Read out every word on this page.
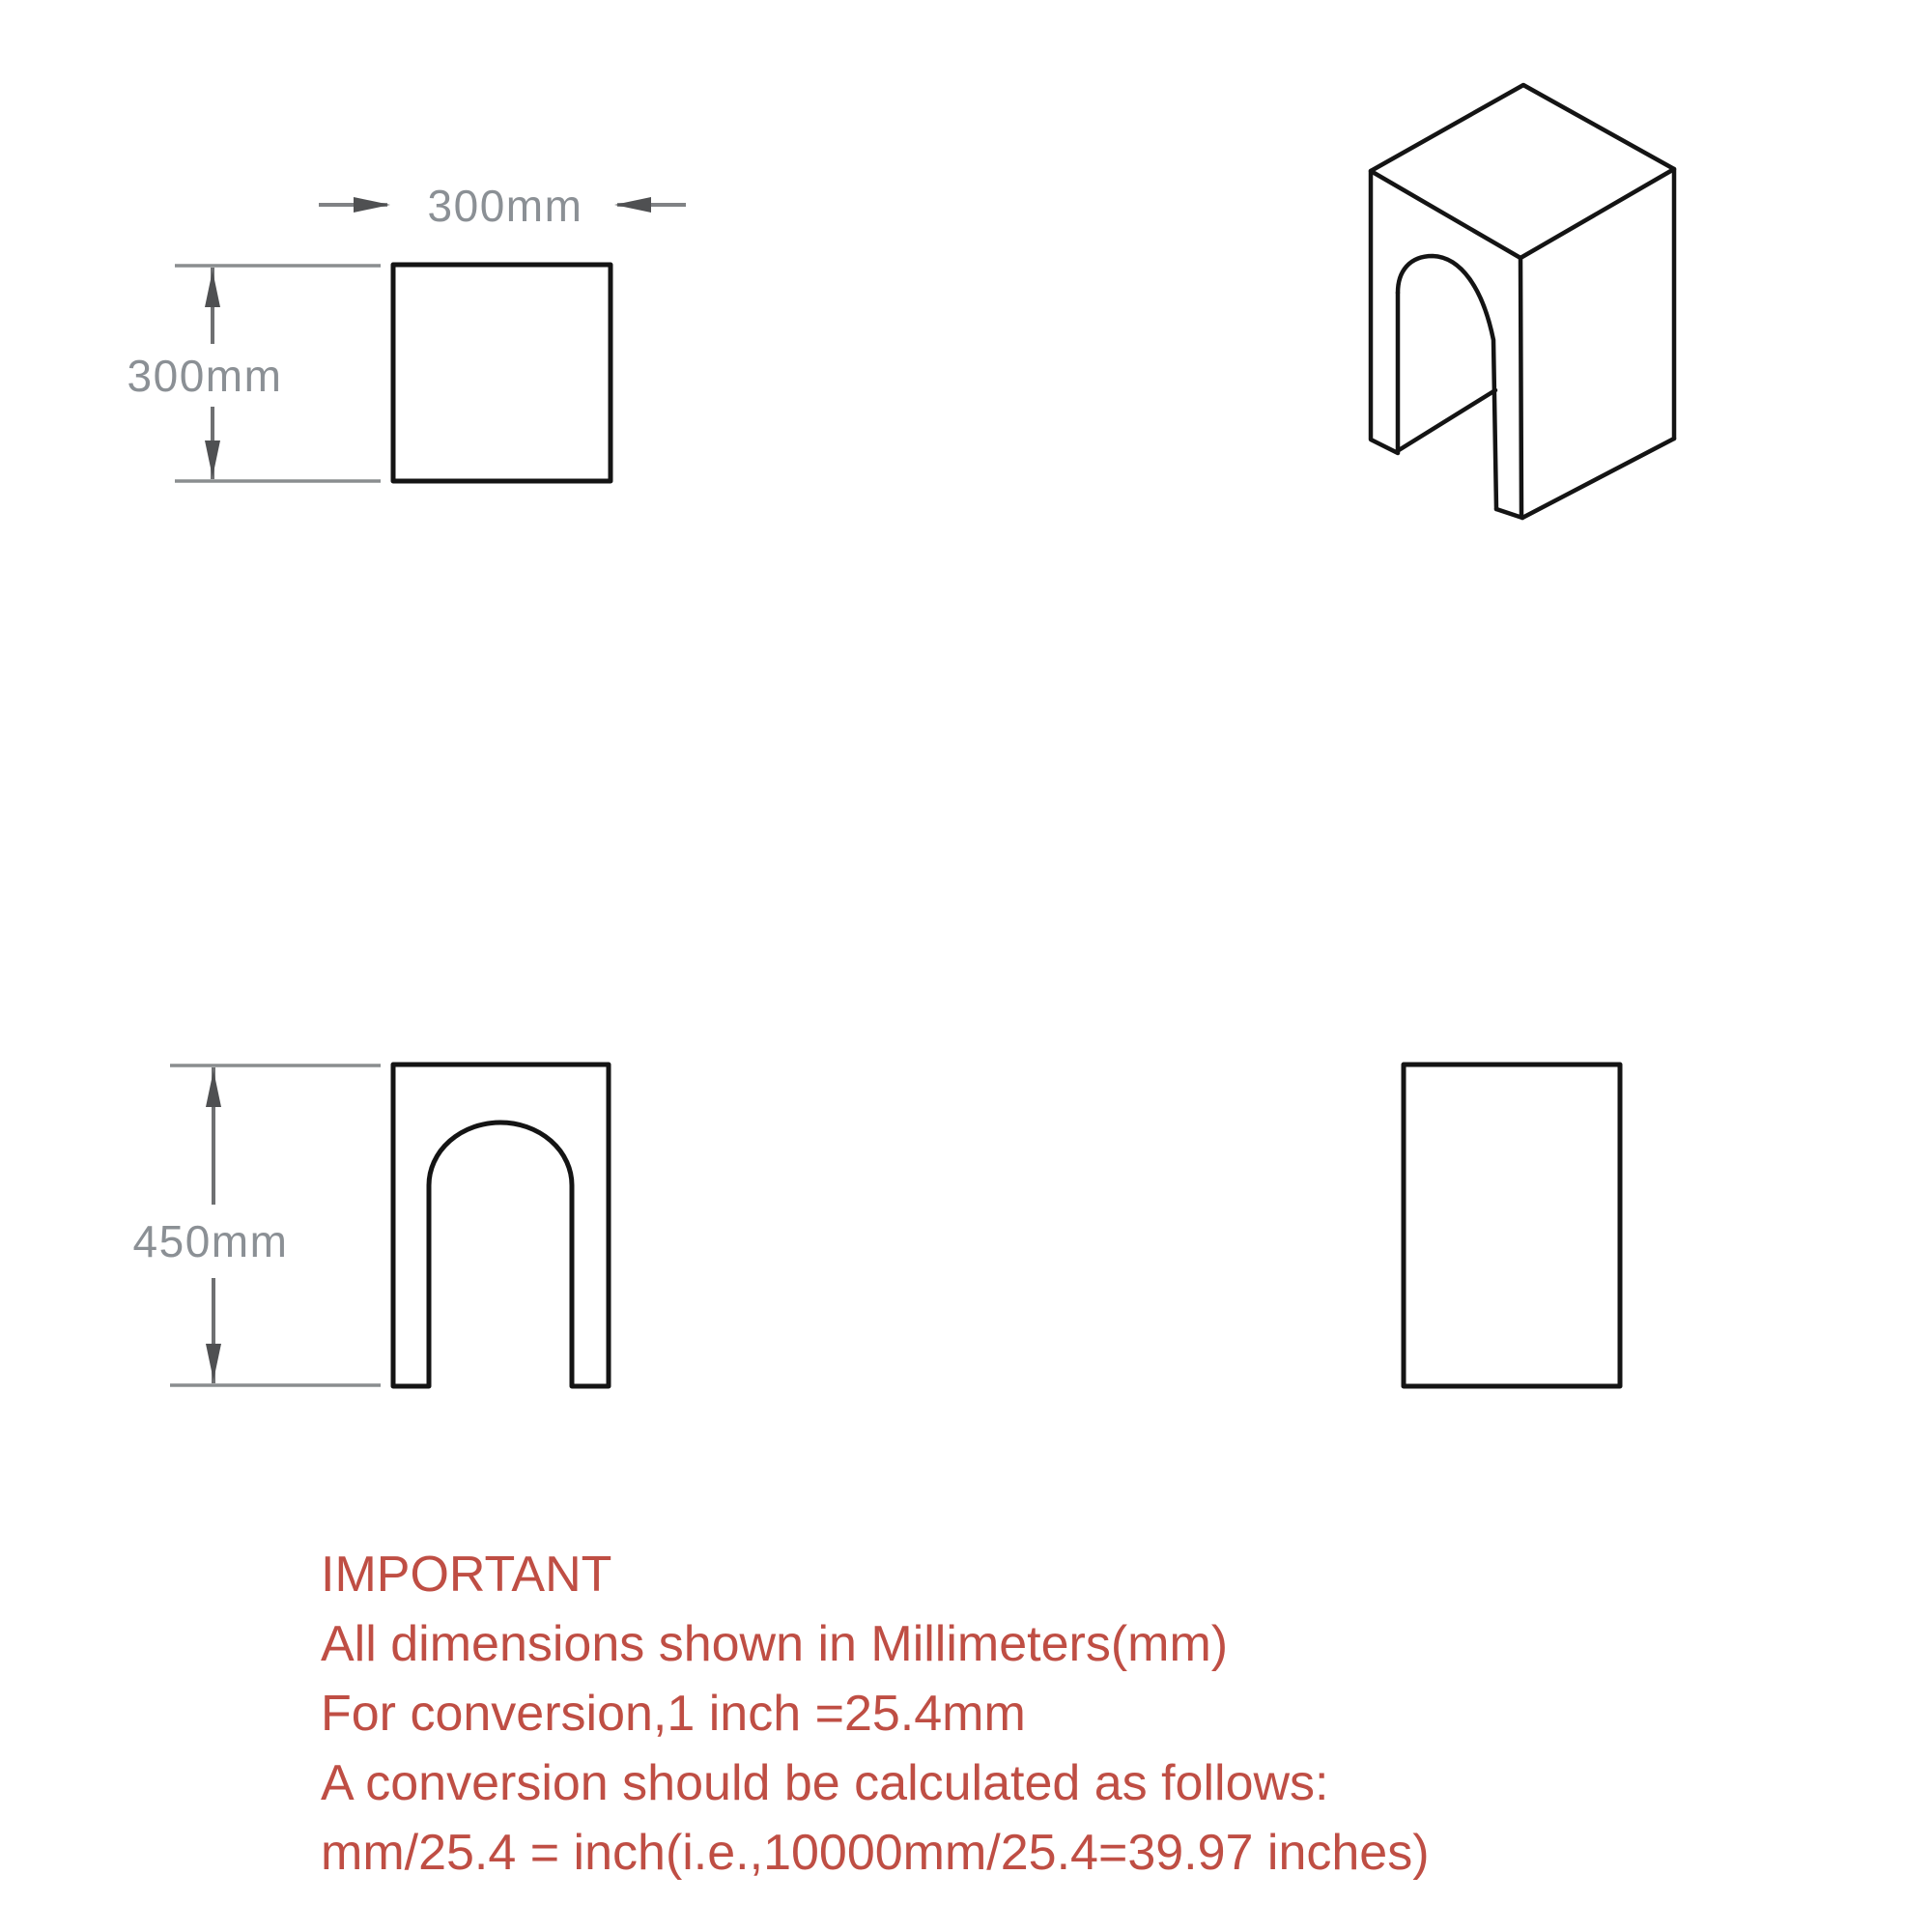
300mm
300mm
450mm
IMPORTANT
All dimensions shown in Millimeters(mm)
For conversion,1 inch =25.4mm
A conversion should be calculated as follows:
mm/25.4 = inch(i.e.,10000mm/25.4=39.97 inches)
